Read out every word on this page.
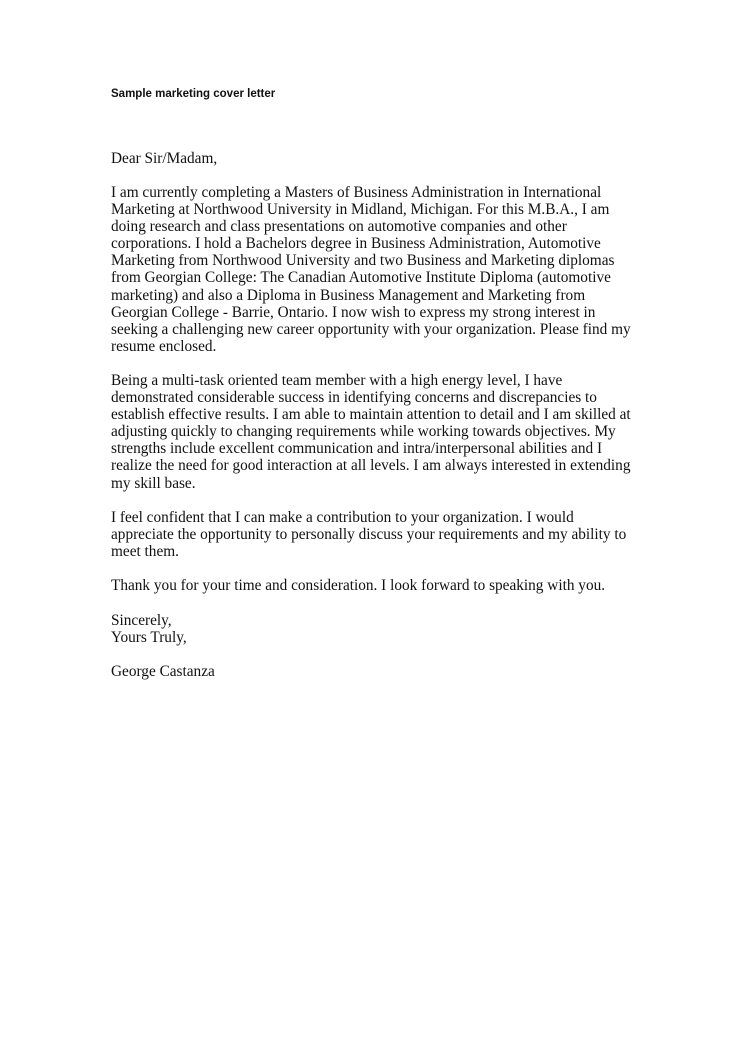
Sample marketing cover letter
Dear Sir/Madam,
I am currently completing a Masters of Business Administration in International
Marketing at Northwood University in Midland, Michigan. For this M.B.A., I am
doing research and class presentations on automotive companies and other
corporations. I hold a Bachelors degree in Business Administration, Automotive
Marketing from Northwood University and two Business and Marketing diplomas
from Georgian College: The Canadian Automotive Institute Diploma (automotive
marketing) and also a Diploma in Business Management and Marketing from
Georgian College - Barrie, Ontario. I now wish to express my strong interest in
seeking a challenging new career opportunity with your organization. Please find my
resume enclosed.
Being a multi-task oriented team member with a high energy level, I have
demonstrated considerable success in identifying concerns and discrepancies to
establish effective results. I am able to maintain attention to detail and I am skilled at
adjusting quickly to changing requirements while working towards objectives. My
strengths include excellent communication and intra/interpersonal abilities and I
realize the need for good interaction at all levels. I am always interested in extending
my skill base.
I feel confident that I can make a contribution to your organization. I would
appreciate the opportunity to personally discuss your requirements and my ability to
meet them.
Thank you for your time and consideration. I look forward to speaking with you.
Sincerely,
Yours Truly,
George Castanza
